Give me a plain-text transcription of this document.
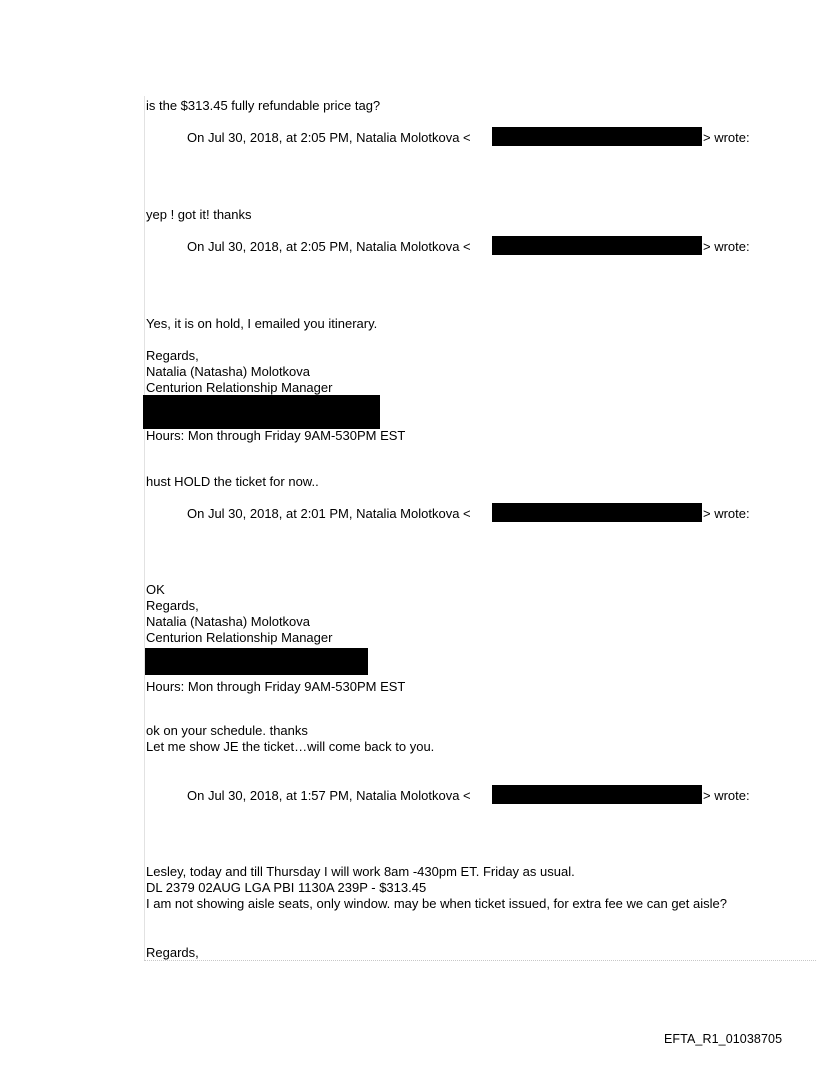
is the $313.45 fully refundable price tag?
On Jul 30, 2018, at 2:05 PM, Natalia Molotkova <	> wrote:
yep ! got it! thanks
On Jul 30, 2018, at 2:05 PM, Natalia Molotkova <	> wrote:
Yes, it is on hold, I emailed you itinerary.
Regards,
Natalia (Natasha) Molotkova
Centurion Relationship Manager
Hours: Mon through Friday 9AM-530PM EST
hust HOLD the ticket for now..
On Jul 30, 2018, at 2:01 PM, Natalia Molotkova <	> wrote:
OK
Regards,
Natalia (Natasha) Molotkova
Centurion Relationship Manager
Hours: Mon through Friday 9AM-530PM EST
ok on your schedule. thanks
Let me show JE the ticket…will come back to you.
On Jul 30, 2018, at 1:57 PM, Natalia Molotkova <	> wrote:
Lesley, today and till Thursday I will work 8am -430pm ET. Friday as usual.
DL 2379 02AUG LGA PBI 1130A 239P - $313.45
I am not showing aisle seats, only window. may be when ticket issued, for extra fee we can get aisle?
Regards,
EFTA_R1_01038705
